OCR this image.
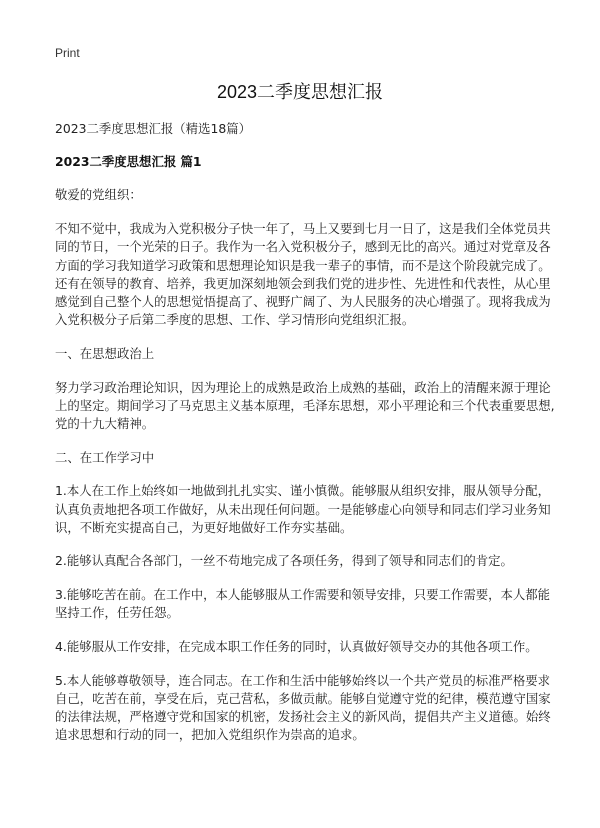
Print
2023二季度思想汇报

2023二季度思想汇报（精选18篇）

2023二季度思想汇报 篇1

敬爱的党组织：

不知不觉中，我成为入党积极分子快一年了，马上又要到七月一日了，这是我们全体党员共同的节日，一个光荣的日子。我作为一名入党积极分子，感到无比的高兴。通过对党章及各方面的学习我知道学习政策和思想理论知识是我一辈子的事情，而不是这个阶段就完成了。还有在领导的教育、培养，我更加深刻地领会到我们党的进步性、先进性和代表性，从心里感觉到自己整个人的思想觉悟提高了、视野广阔了、为人民服务的决心增强了。现将我成为入党积极分子后第二季度的思想、工作、学习情形向党组织汇报。

一、在思想政治上

努力学习政治理论知识，因为理论上的成熟是政治上成熟的基础，政治上的清醒来源于理论上的坚定。期间学习了马克思主义基本原理，毛泽东思想，邓小平理论和三个代表重要思想,党的十九大精神。

二、在工作学习中

1.本人在工作上始终如一地做到扎扎实实、谨小慎微。能够服从组织安排，服从领导分配，认真负责地把各项工作做好，从未出现任何问题。一是能够虚心向领导和同志们学习业务知识，不断充实提高自己，为更好地做好工作夯实基础。

2.能够认真配合各部门，一丝不苟地完成了各项任务，得到了领导和同志们的肯定。

3.能够吃苦在前。在工作中，本人能够服从工作需要和领导安排，只要工作需要，本人都能坚持工作，任劳任怨。

4.能够服从工作安排，在完成本职工作任务的同时，认真做好领导交办的其他各项工作。

5.本人能够尊敬领导，连合同志。在工作和生活中能够始终以一个共产党员的标准严格要求自己，吃苦在前，享受在后，克己营私，多做贡献。能够自觉遵守党的纪律，模范遵守国家的法律法规，严格遵守党和国家的机密，发扬社会主义的新风尚，提倡共产主义道德。始终追求思想和行动的同一，把加入党组织作为崇高的追求。
